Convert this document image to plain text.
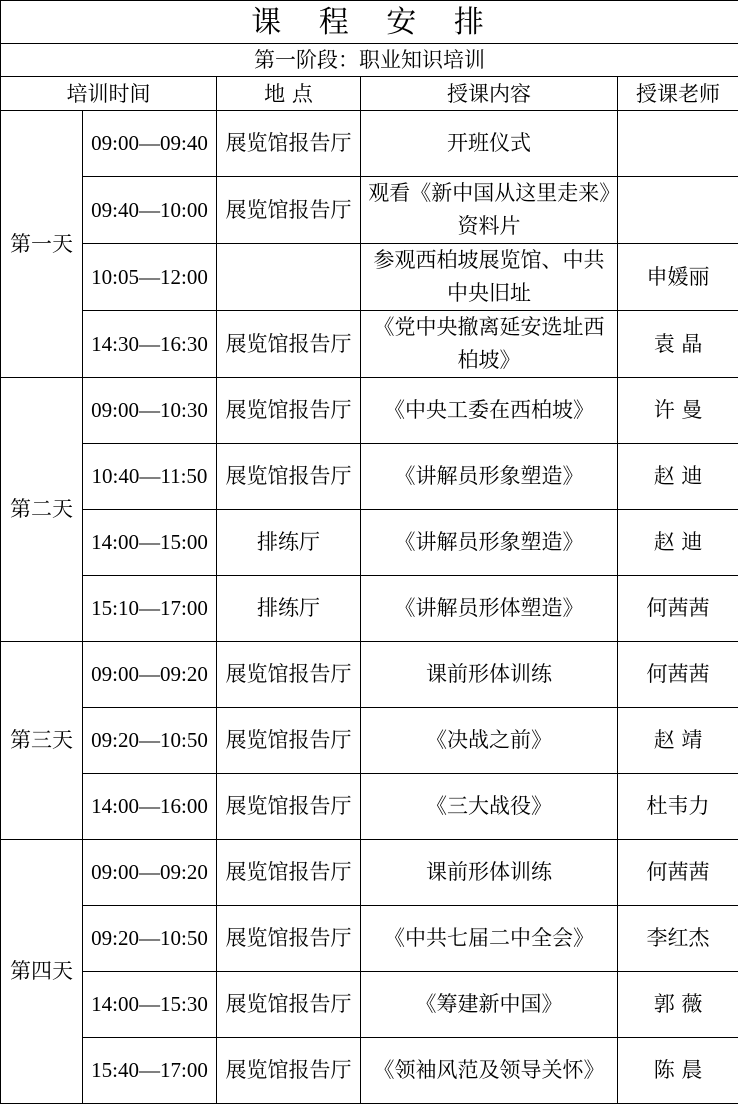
课 程 安 排				
第一阶段：职业知识培训				
培训时间		地 点	授课内容	授课老师
第一天	09:00—09:40	展览馆报告厅	开班仪式	
	09:40—10:00	展览馆报告厅	观看《新中国从这里走来》资料片	
	10:05—12:00		参观西柏坡展览馆、中共中央旧址	申媛丽
	14:30—16:30	展览馆报告厅	《党中央撤离延安选址西柏坡》	袁 晶
第二天	09:00—10:30	展览馆报告厅	《中央工委在西柏坡》	许 曼
	10:40—11:50	展览馆报告厅	《讲解员形象塑造》	赵 迪
	14:00—15:00	排练厅	《讲解员形象塑造》	赵 迪
	15:10—17:00	排练厅	《讲解员形体塑造》	何茜茜
第三天	09:00—09:20	展览馆报告厅	课前形体训练	何茜茜
	09:20—10:50	展览馆报告厅	《决战之前》	赵 靖
	14:00—16:00	展览馆报告厅	《三大战役》	杜韦力
第四天	09:00—09:20	展览馆报告厅	课前形体训练	何茜茜
	09:20—10:50	展览馆报告厅	《中共七届二中全会》	李红杰
	14:00—15:30	展览馆报告厅	《筹建新中国》	郭 薇
	15:40—17:00	展览馆报告厅	《领袖风范及领导关怀》	陈 晨
